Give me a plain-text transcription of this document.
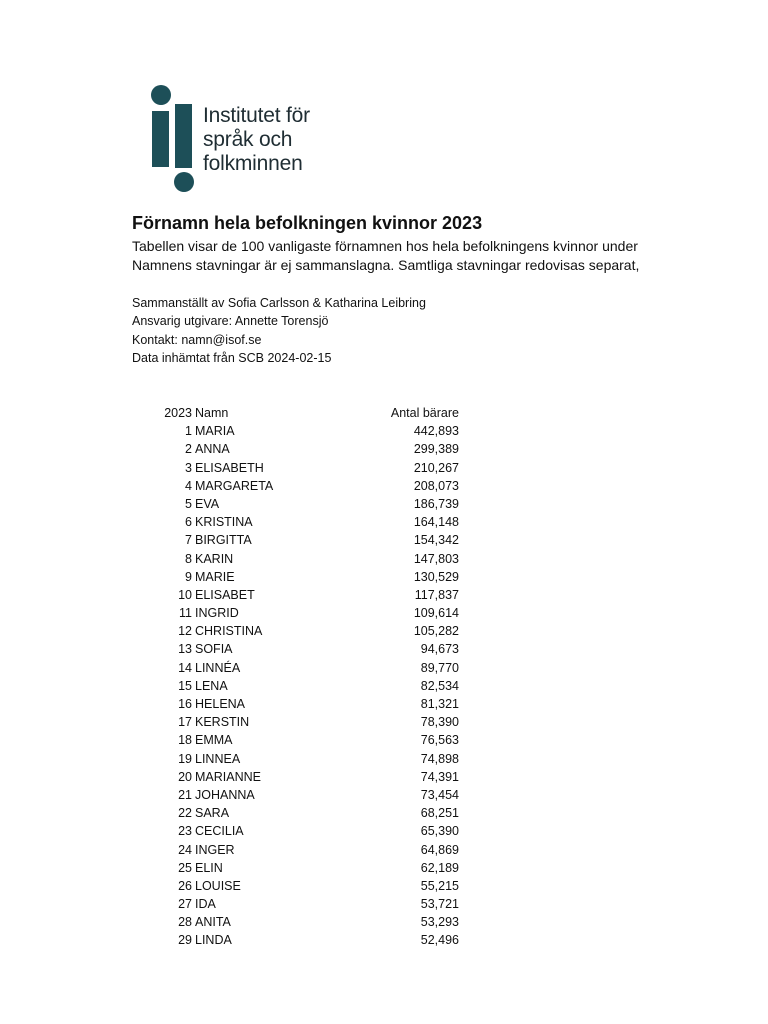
Institutet för
språk och
folkminnen
Förnamn hela befolkningen kvinnor 2023
Tabellen visar de 100 vanligaste förnamnen hos hela befolkningens kvinnor under
Namnens stavningar är ej sammanslagna. Samtliga stavningar redovisas separat,
Sammanställt av Sofia Carlsson & Katharina Leibring
Ansvarig utgivare: Annette Torensjö
Kontakt: namn@isof.se
Data inhämtat från SCB 2024-02-15
2023 Namn	Antal bärare
1 MARIA	442,893
2 ANNA	299,389
3 ELISABETH	210,267
4 MARGARETA	208,073
5 EVA	186,739
6 KRISTINA	164,148
7 BIRGITTA	154,342
8 KARIN	147,803
9 MARIE	130,529
10 ELISABET	117,837
11 INGRID	109,614
12 CHRISTINA	105,282
13 SOFIA	94,673
14 LINNÉA	89,770
15 LENA	82,534
16 HELENA	81,321
17 KERSTIN	78,390
18 EMMA	76,563
19 LINNEA	74,898
20 MARIANNE	74,391
21 JOHANNA	73,454
22 SARA	68,251
23 CECILIA	65,390
24 INGER	64,869
25 ELIN	62,189
26 LOUISE	55,215
27 IDA	53,721
28 ANITA	53,293
29 LINDA	52,496
